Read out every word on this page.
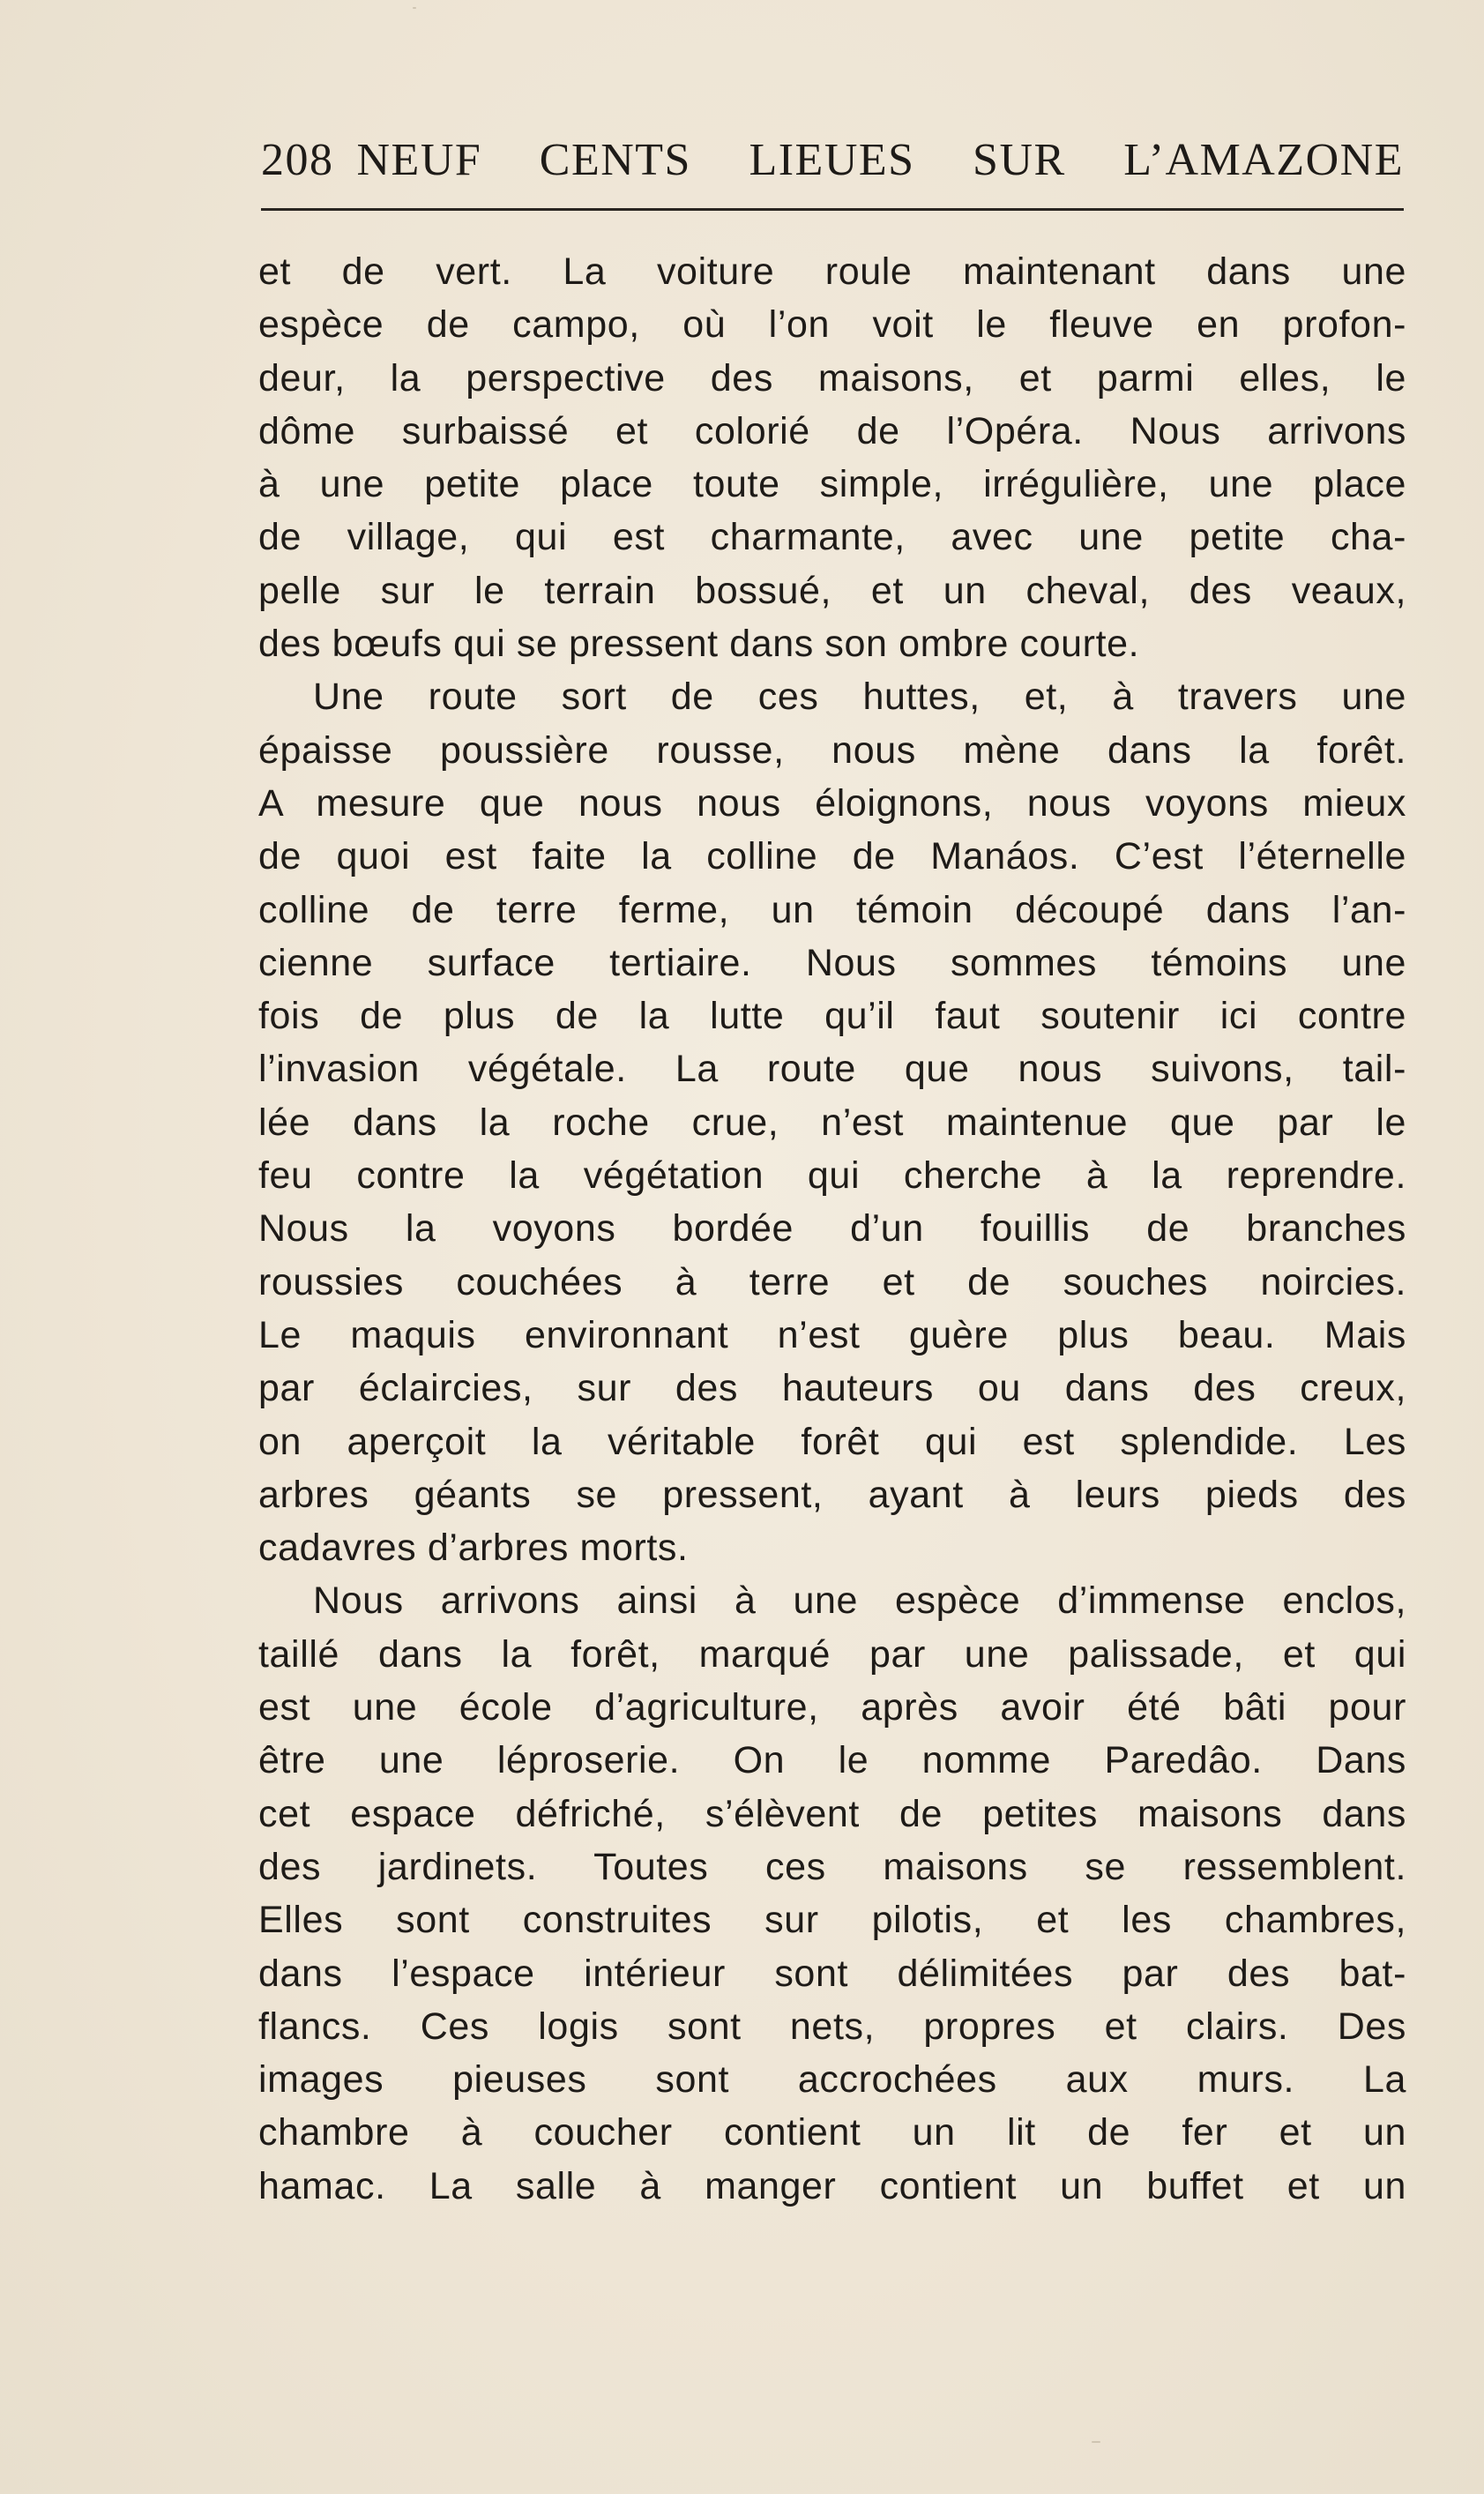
208 NEUF CENTS LIEUES SUR L’AMAZONE
et de vert. La voiture roule maintenant dans une
espèce de campo, où l’on voit le fleuve en profon-
deur, la perspective des maisons, et parmi elles, le
dôme surbaissé et colorié de l’Opéra. Nous arrivons
à une petite place toute simple, irrégulière, une place
de village, qui est charmante, avec une petite cha-
pelle sur le terrain bossué, et un cheval, des veaux,
des bœufs qui se pressent dans son ombre courte.
Une route sort de ces huttes, et, à travers une
épaisse poussière rousse, nous mène dans la forêt.
A mesure que nous nous éloignons, nous voyons mieux
de quoi est faite la colline de Manáos. C’est l’éternelle
colline de terre ferme, un témoin découpé dans l’an-
cienne surface tertiaire. Nous sommes témoins une
fois de plus de la lutte qu’il faut soutenir ici contre
l’invasion végétale. La route que nous suivons, tail-
lée dans la roche crue, n’est maintenue que par le
feu contre la végétation qui cherche à la reprendre.
Nous la voyons bordée d’un fouillis de branches
roussies couchées à terre et de souches noircies.
Le maquis environnant n’est guère plus beau. Mais
par éclaircies, sur des hauteurs ou dans des creux,
on aperçoit la véritable forêt qui est splendide. Les
arbres géants se pressent, ayant à leurs pieds des
cadavres d’arbres morts.
Nous arrivons ainsi à une espèce d’immense enclos,
taillé dans la forêt, marqué par une palissade, et qui
est une école d’agriculture, après avoir été bâti pour
être une léproserie. On le nomme Paredâo. Dans
cet espace défriché, s’élèvent de petites maisons dans
des jardinets. Toutes ces maisons se ressemblent.
Elles sont construites sur pilotis, et les chambres,
dans l’espace intérieur sont délimitées par des bat-
flancs. Ces logis sont nets, propres et clairs. Des
images pieuses sont accrochées aux murs. La
chambre à coucher contient un lit de fer et un
hamac. La salle à manger contient un buffet et un
